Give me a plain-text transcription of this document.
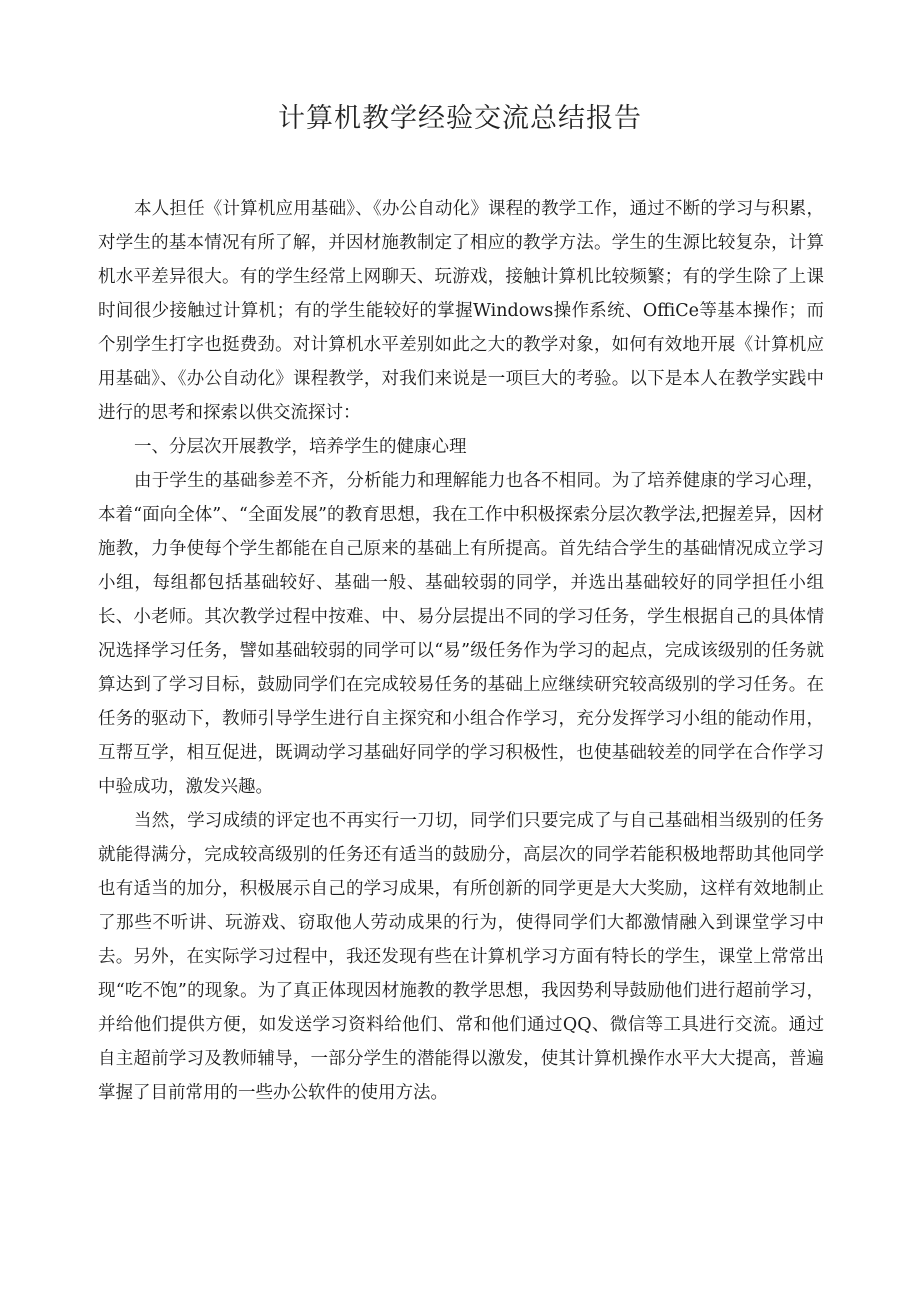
计算机教学经验交流总结报告

本人担任《计算机应用基础》、《办公自动化》课程的教学工作，通过不断的学习与积累，对学生的基本情况有所了解，并因材施教制定了相应的教学方法。学生的生源比较复杂，计算机水平差异很大。有的学生经常上网聊天、玩游戏，接触计算机比较频繁；有的学生除了上课时间很少接触过计算机；有的学生能较好的掌握Windows操作系统、OffiCe等基本操作；而个别学生打字也挺费劲。对计算机水平差别如此之大的教学对象，如何有效地开展《计算机应用基础》、《办公自动化》课程教学，对我们来说是一项巨大的考验。以下是本人在教学实践中进行的思考和探索以供交流探讨：

一、分层次开展教学，培养学生的健康心理

由于学生的基础参差不齐，分析能力和理解能力也各不相同。为了培养健康的学习心理，本着“面向全体”、“全面发展”的教育思想，我在工作中积极探索分层次教学法,把握差异，因材施教，力争使每个学生都能在自己原来的基础上有所提高。首先结合学生的基础情况成立学习小组，每组都包括基础较好、基础一般、基础较弱的同学，并选出基础较好的同学担任小组长、小老师。其次教学过程中按难、中、易分层提出不同的学习任务，学生根据自己的具体情况选择学习任务，譬如基础较弱的同学可以“易”级任务作为学习的起点，完成该级别的任务就算达到了学习目标，鼓励同学们在完成较易任务的基础上应继续研究较高级别的学习任务。在任务的驱动下，教师引导学生进行自主探究和小组合作学习，充分发挥学习小组的能动作用，互帮互学，相互促进，既调动学习基础好同学的学习积极性，也使基础较差的同学在合作学习中验成功，激发兴趣。

当然，学习成绩的评定也不再实行一刀切，同学们只要完成了与自己基础相当级别的任务就能得满分，完成较高级别的任务还有适当的鼓励分，高层次的同学若能积极地帮助其他同学也有适当的加分，积极展示自己的学习成果，有所创新的同学更是大大奖励，这样有效地制止了那些不听讲、玩游戏、窃取他人劳动成果的行为，使得同学们大都激情融入到课堂学习中去。另外，在实际学习过程中，我还发现有些在计算机学习方面有特长的学生，课堂上常常出现“吃不饱”的现象。为了真正体现因材施教的教学思想，我因势利导鼓励他们进行超前学习，并给他们提供方便，如发送学习资料给他们、常和他们通过QQ、微信等工具进行交流。通过自主超前学习及教师辅导，一部分学生的潜能得以激发，使其计算机操作水平大大提高，普遍掌握了目前常用的一些办公软件的使用方法。
